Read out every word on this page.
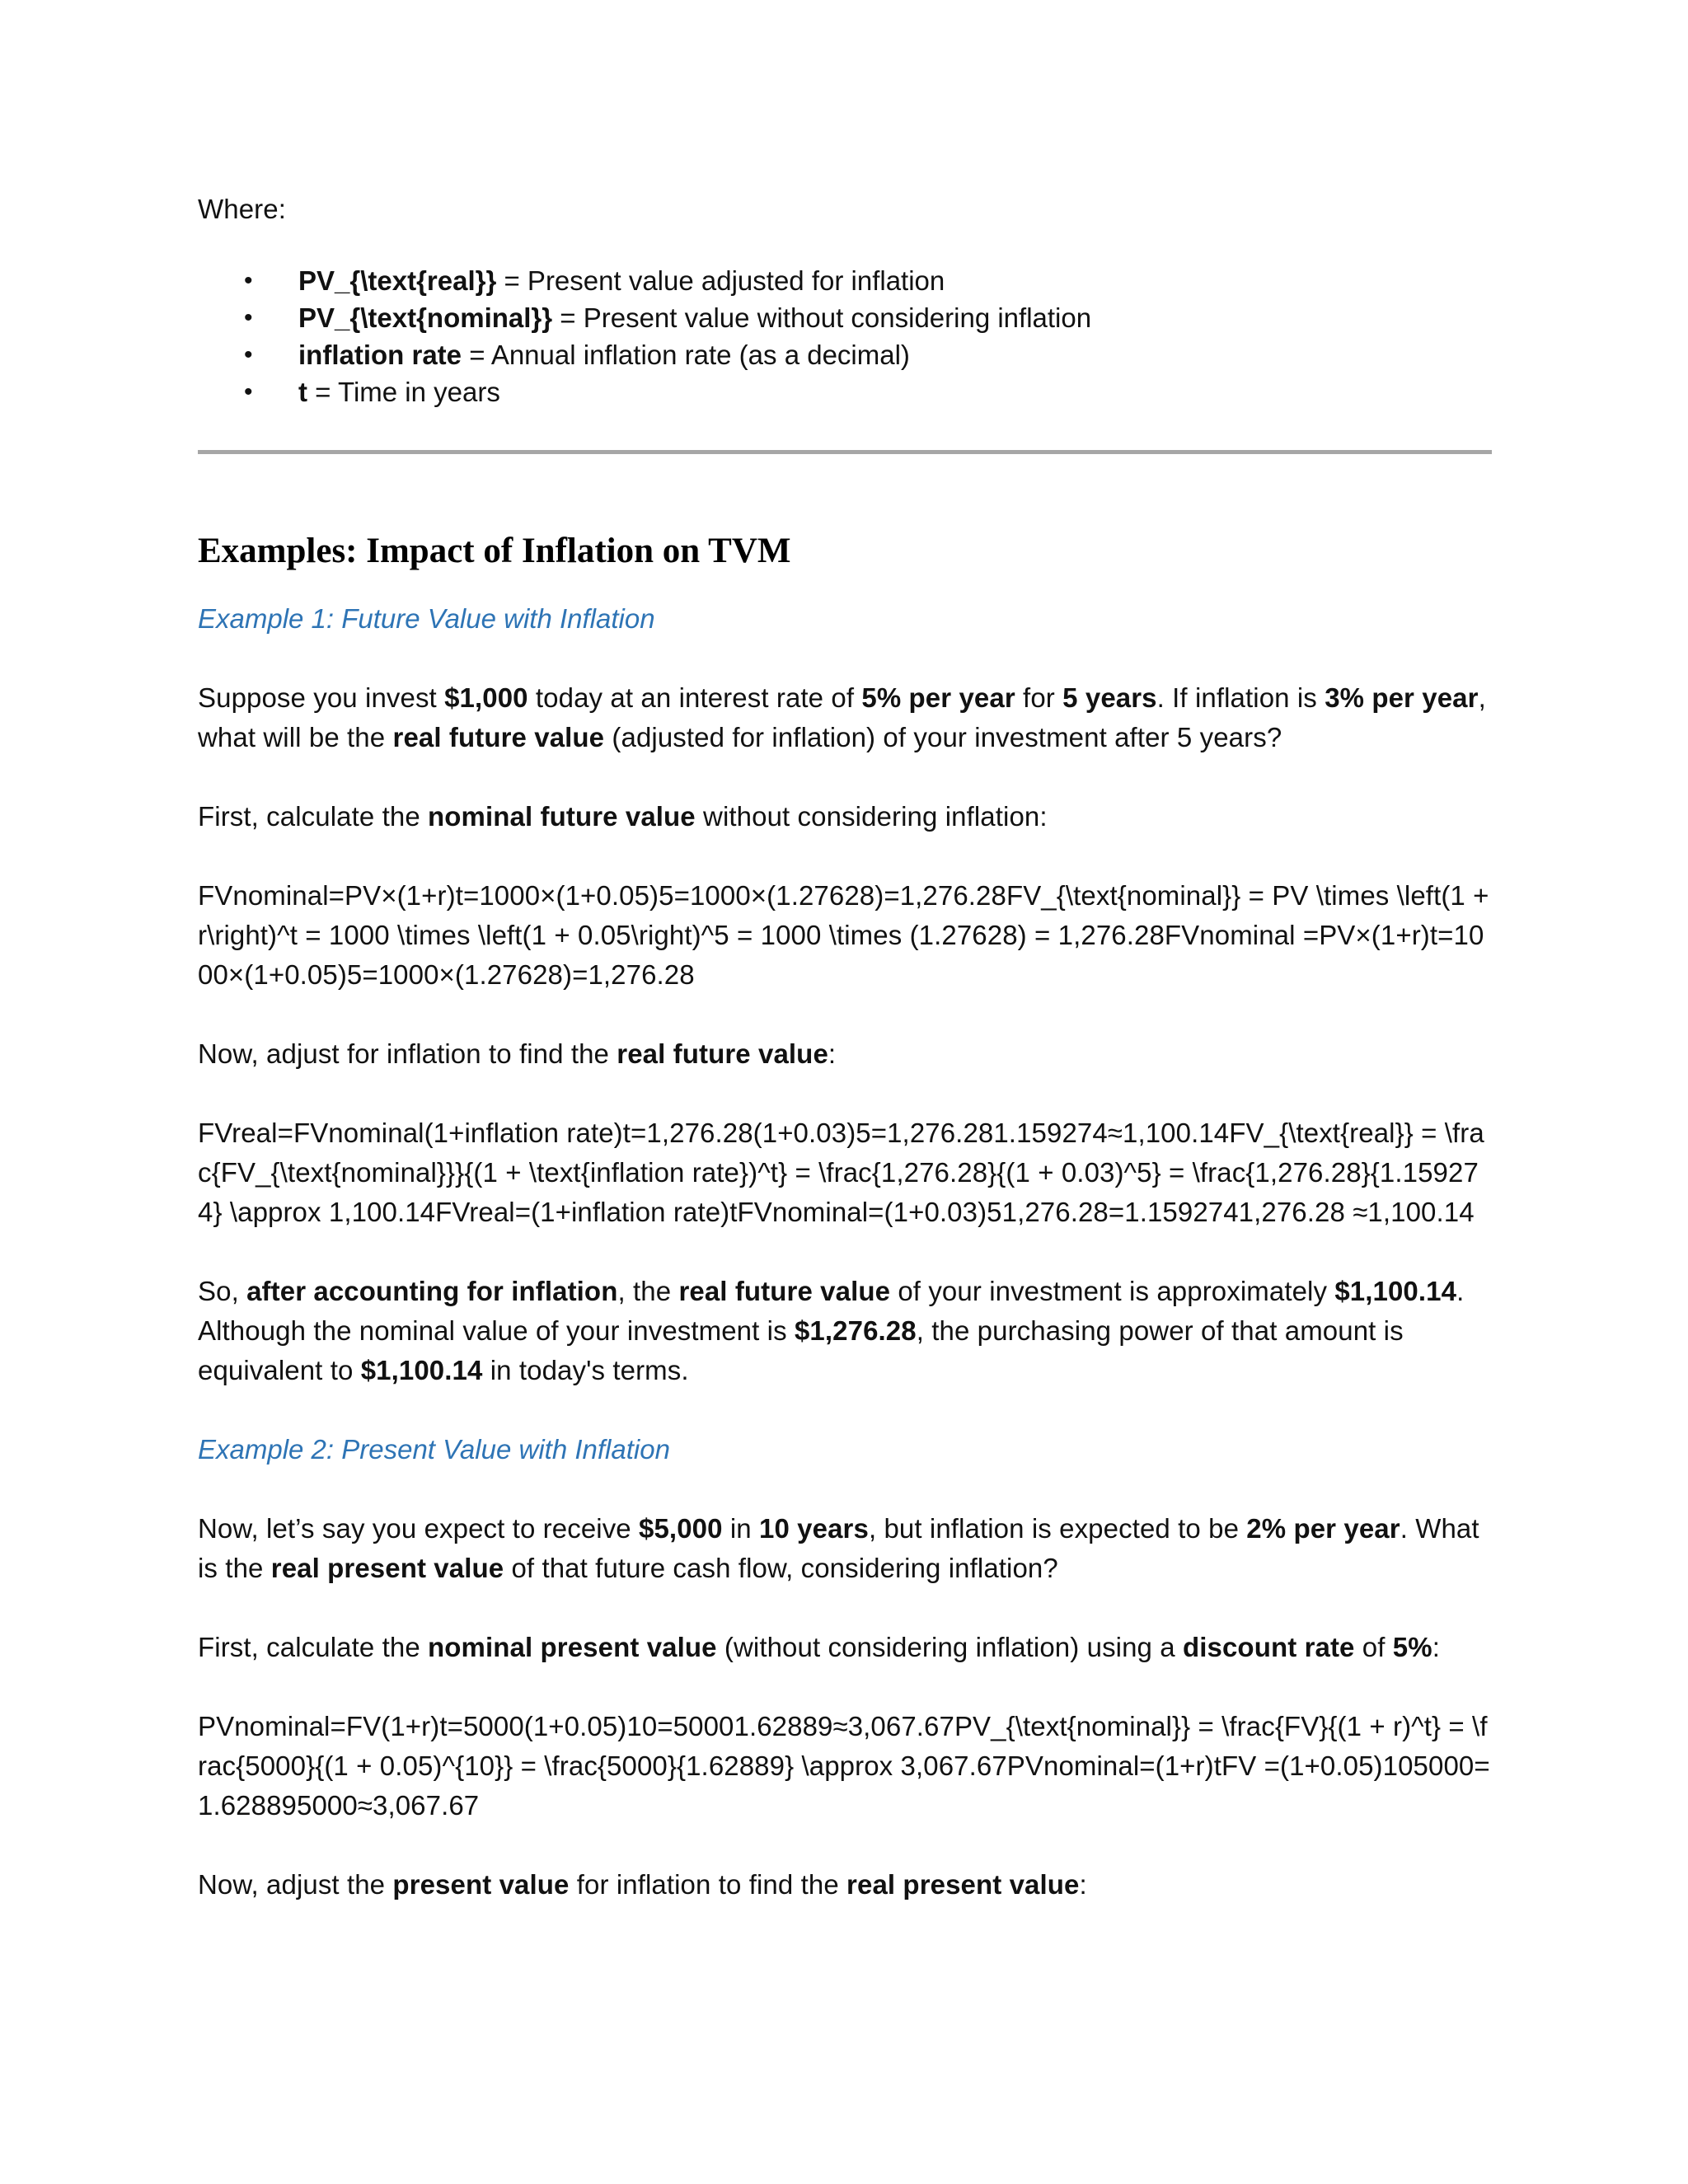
Where:

• PV_{\text{real}} = Present value adjusted for inflation
• PV_{\text{nominal}} = Present value without considering inflation
• inflation rate = Annual inflation rate (as a decimal)
• t = Time in years
Examples: Impact of Inflation on TVM

Example 1: Future Value with Inflation

Suppose you invest $1,000 today at an interest rate of 5% per year for 5 years. If inflation is 3% per year, what will be the real future value (adjusted for inflation) of your investment after 5 years?

First, calculate the nominal future value without considering inflation:

FVnominal=PV×(1+r)t=1000×(1+0.05)5=1000×(1.27628)=1,276.28FV_{\text{nominal}} = PV \times \left(1 + r\right)^t = 1000 \times \left(1 + 0.05\right)^5 = 1000 \times (1.27628) = 1,276.28FVnominal =PV×(1+r)t=1000×(1+0.05)5=1000×(1.27628)=1,276.28

Now, adjust for inflation to find the real future value:

FVreal=FVnominal(1+inflation rate)t=1,276.28(1+0.03)5=1,276.281.159274≈1,100.14FV_{\text{real}} = \frac{FV_{\text{nominal}}}{(1 + \text{inflation rate})^t} = \frac{1,276.28}{(1 + 0.03)^5} = \frac{1,276.28}{1.159274} \approx 1,100.14FVreal=(1+inflation rate)tFVnominal=(1+0.03)51,276.28=1.1592741,276.28 ≈1,100.14

So, after accounting for inflation, the real future value of your investment is approximately $1,100.14. Although the nominal value of your investment is $1,276.28, the purchasing power of that amount is equivalent to $1,100.14 in today's terms.

Example 2: Present Value with Inflation

Now, let’s say you expect to receive $5,000 in 10 years, but inflation is expected to be 2% per year. What is the real present value of that future cash flow, considering inflation?

First, calculate the nominal present value (without considering inflation) using a discount rate of 5%:

PVnominal=FV(1+r)t=5000(1+0.05)10=50001.62889≈3,067.67PV_{\text{nominal}} = \frac{FV}{(1 + r)^t} = \frac{5000}{(1 + 0.05)^{10}} = \frac{5000}{1.62889} \approx 3,067.67PVnominal=(1+r)tFV =(1+0.05)105000=1.628895000≈3,067.67

Now, adjust the present value for inflation to find the real present value:
